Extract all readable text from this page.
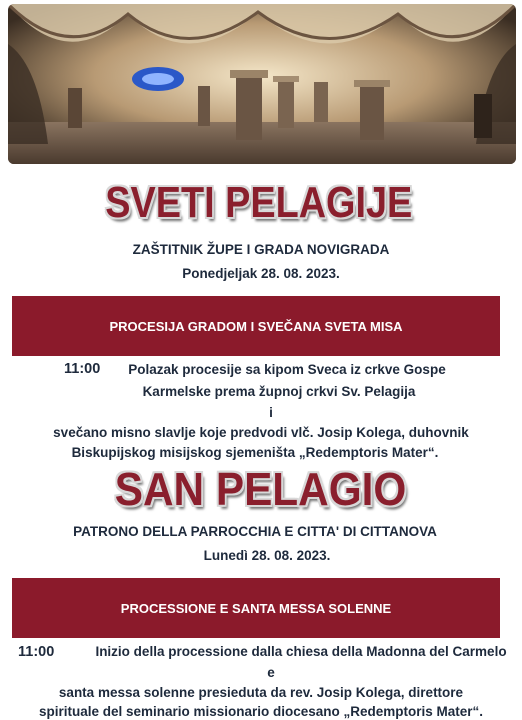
SVETI PELAGIJE
ZAŠTITNIK ŽUPE I GRADA NOVIGRADA
Ponedjeljak 28. 08. 2023.
PROCESIJA GRADOM I SVEČANA SVETA MISA
11:00	Polazak procesije sa kipom Sveca iz crkve Gospe
Karmelske prema župnoj crkvi Sv. Pelagija
i
svečano misno slavlje koje predvodi vlč. Josip Kolega, duhovnik
Biskupijskog misijskog sjemeništa „Redemptoris Mater“.
SAN PELAGIO
PATRONO DELLA PARROCCHIA E CITTA' DI CITTANOVA
Lunedì 28. 08. 2023.
PROCESSIONE E SANTA MESSA SOLENNE
11:00	Inizio della processione dalla chiesa della Madonna del Carmelo
e
santa messa solenne presieduta da rev. Josip Kolega, direttore
spirituale del seminario missionario diocesano „Redemptoris Mater“.
